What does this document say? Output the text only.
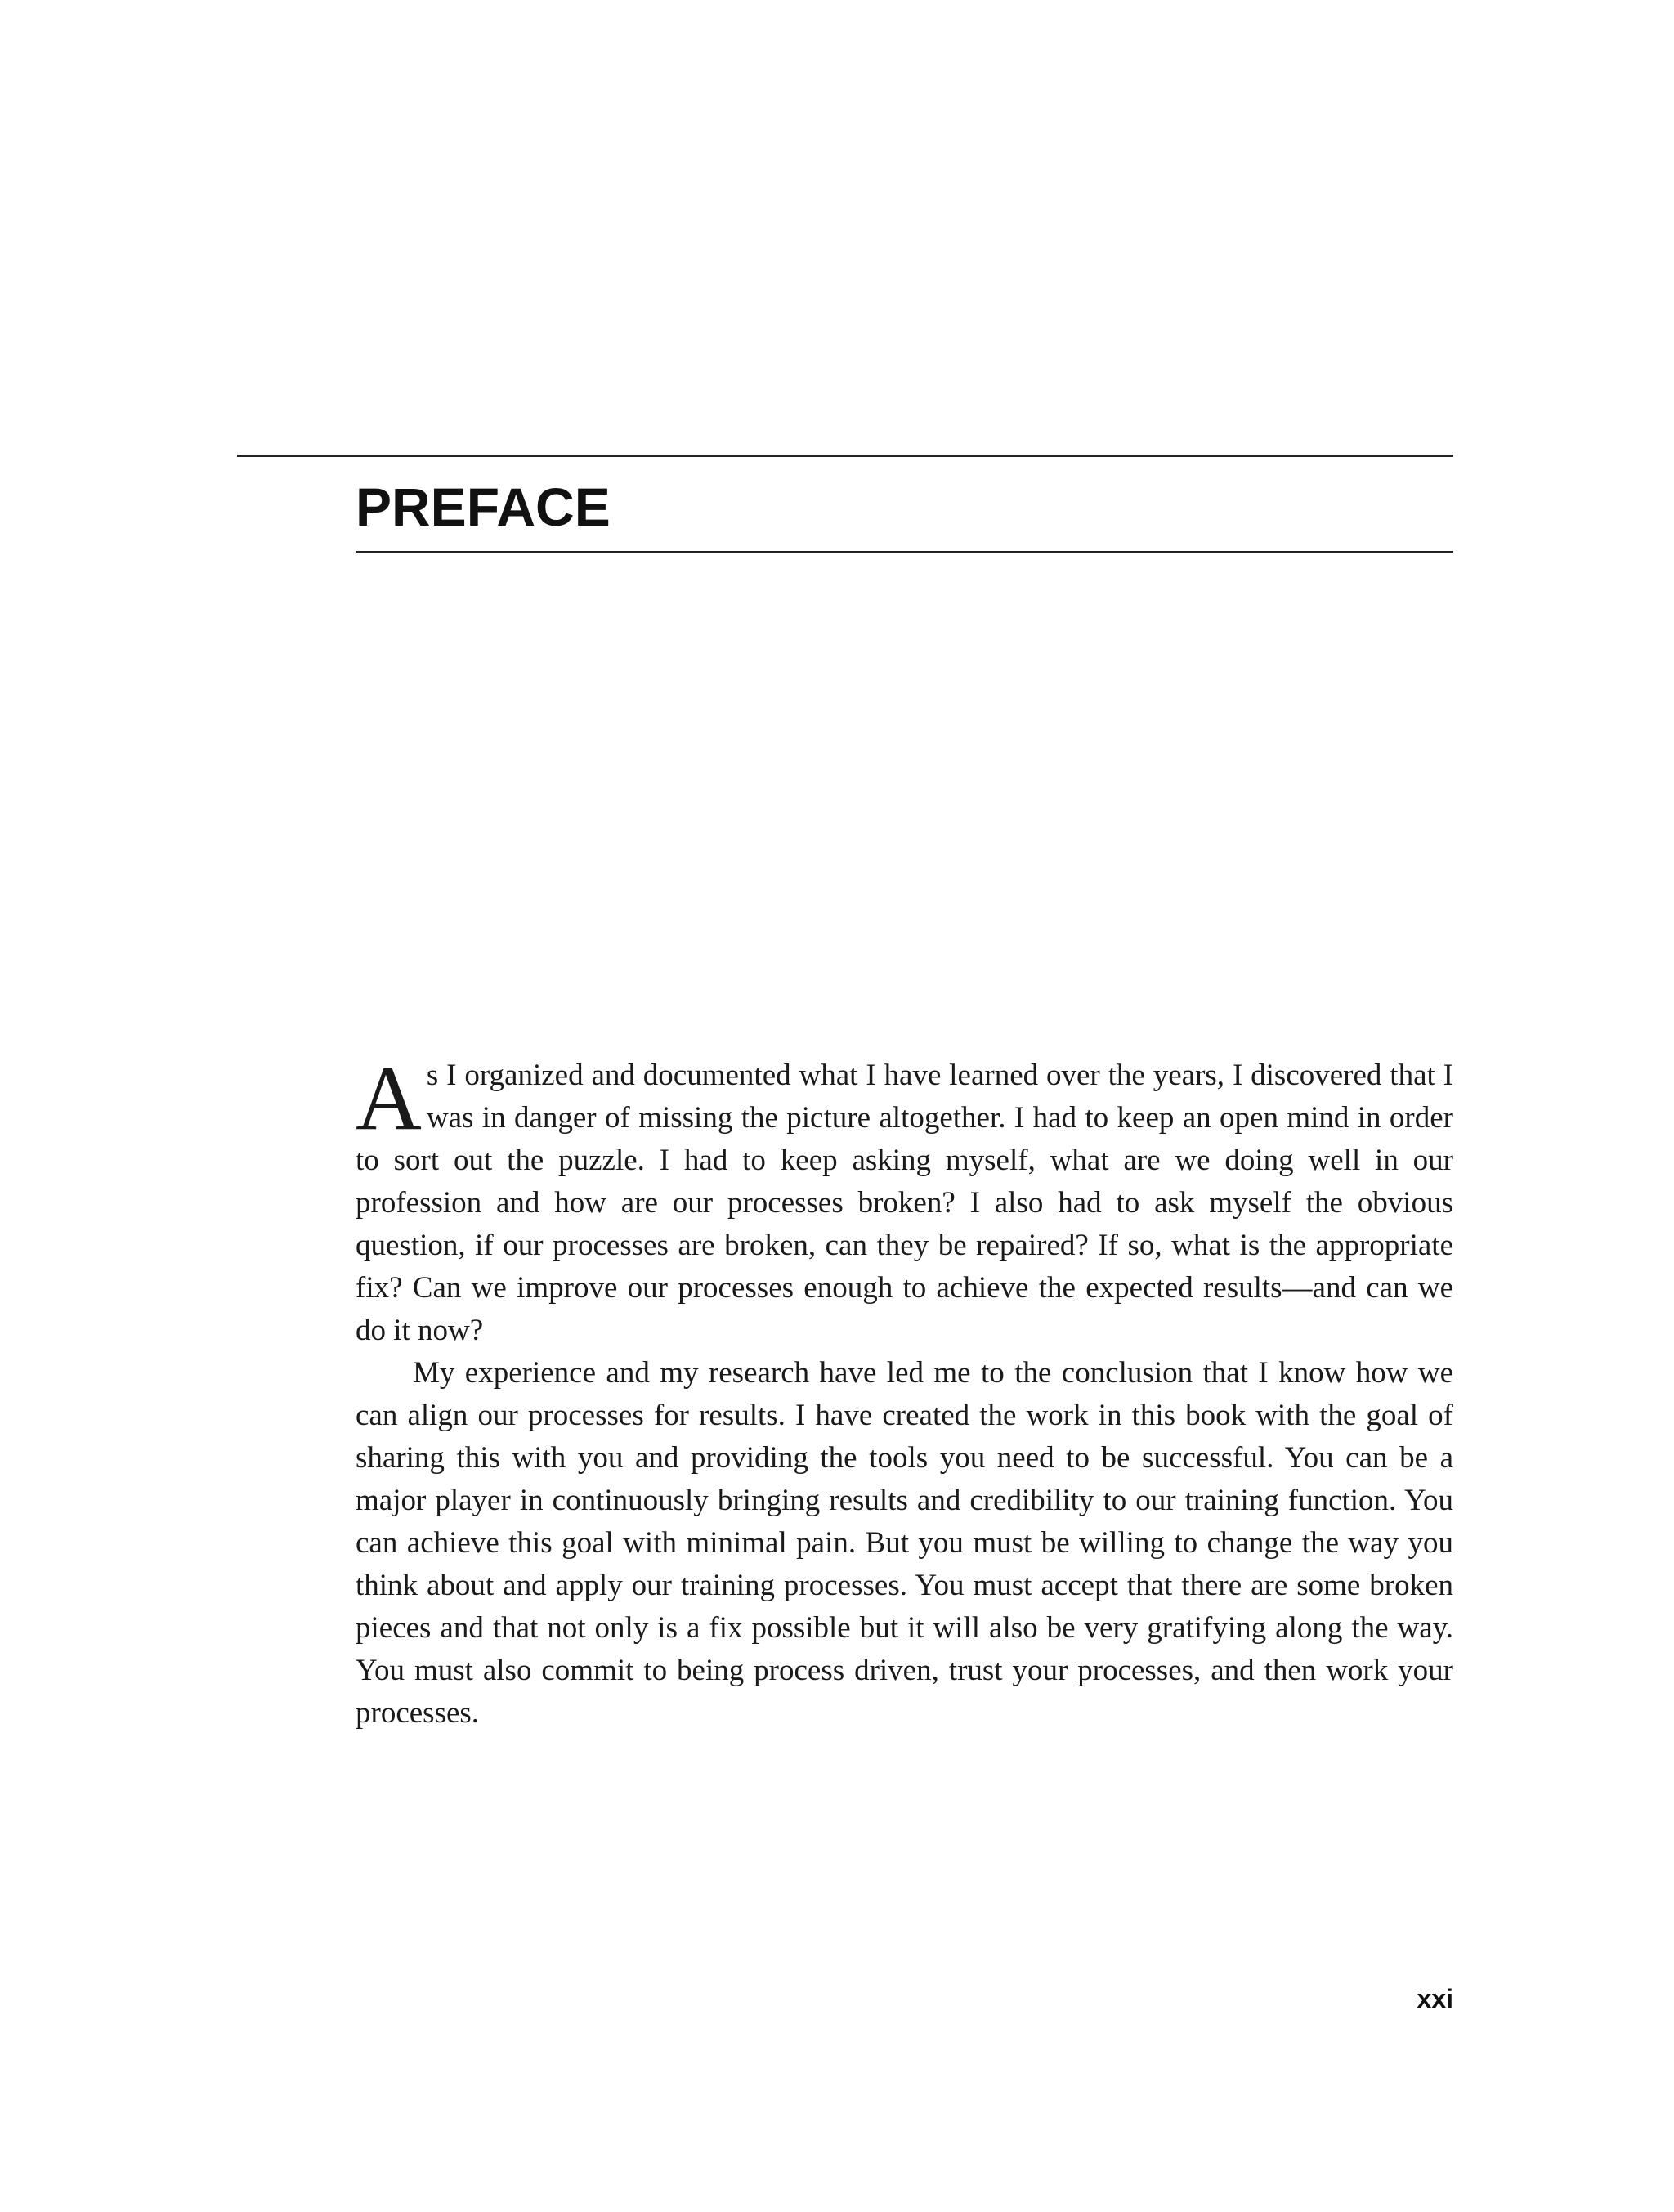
PREFACE

As I organized and documented what I have learned over the years, I discovered that I was in danger of missing the picture altogether. I had to keep an open mind in order to sort out the puzzle. I had to keep asking myself, what are we doing well in our profession and how are our processes broken? I also had to ask myself the obvious question, if our processes are broken, can they be repaired? If so, what is the appropriate fix? Can we improve our processes enough to achieve the expected results—and can we do it now?

My experience and my research have led me to the conclusion that I know how we can align our processes for results. I have created the work in this book with the goal of sharing this with you and providing the tools you need to be successful. You can be a major player in continuously bringing results and credibility to our training function. You can achieve this goal with minimal pain. But you must be willing to change the way you think about and apply our training processes. You must accept that there are some broken pieces and that not only is a fix possible but it will also be very gratifying along the way. You must also commit to being process driven, trust your processes, and then work your processes.

xxi
